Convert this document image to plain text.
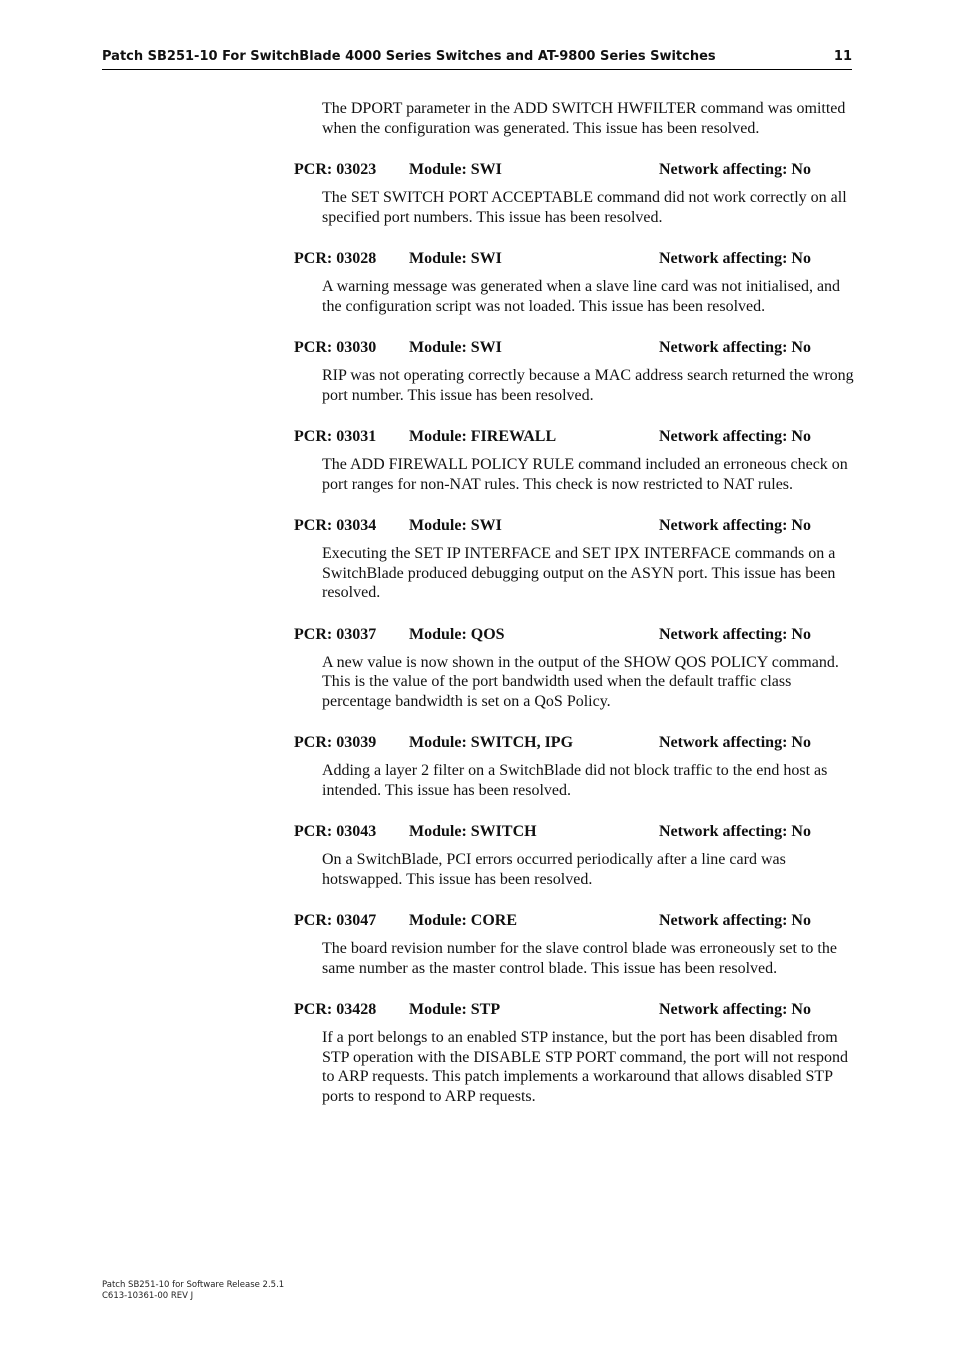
Patch SB251-10 For SwitchBlade 4000 Series Switches and AT-9800 Series Switches	11
The DPORT parameter in the ADD SWITCH HWFILTER command was omitted when the configuration was generated. This issue has been resolved.
PCR: 03023 Module: SWI	Network affecting: No
The SET SWITCH PORT ACCEPTABLE command did not work correctly on all specified port numbers. This issue has been resolved.
PCR: 03028 Module: SWI	Network affecting: No
A warning message was generated when a slave line card was not initialised, and the configuration script was not loaded. This issue has been resolved.
PCR: 03030 Module: SWI	Network affecting: No
RIP was not operating correctly because a MAC address search returned the wrong port number. This issue has been resolved.
PCR: 03031 Module: FIREWALL	Network affecting: No
The ADD FIREWALL POLICY RULE command included an erroneous check on port ranges for non-NAT rules. This check is now restricted to NAT rules.
PCR: 03034 Module: SWI	Network affecting: No
Executing the SET IP INTERFACE and SET IPX INTERFACE commands on a SwitchBlade produced debugging output on the ASYN port. This issue has been resolved.
PCR: 03037 Module: QOS	Network affecting: No
A new value is now shown in the output of the SHOW QOS POLICY command. This is the value of the port bandwidth used when the default traffic class percentage bandwidth is set on a QoS Policy.
PCR: 03039 Module: SWITCH, IPG	Network affecting: No
Adding a layer 2 filter on a SwitchBlade did not block traffic to the end host as intended. This issue has been resolved.
PCR: 03043 Module: SWITCH	Network affecting: No
On a SwitchBlade, PCI errors occurred periodically after a line card was hotswapped. This issue has been resolved.
PCR: 03047 Module: CORE	Network affecting: No
The board revision number for the slave control blade was erroneously set to the same number as the master control blade. This issue has been resolved.
PCR: 03428 Module: STP	Network affecting: No
If a port belongs to an enabled STP instance, but the port has been disabled from STP operation with the DISABLE STP PORT command, the port will not respond to ARP requests. This patch implements a workaround that allows disabled STP ports to respond to ARP requests.
Patch SB251-10 for Software Release 2.5.1
C613-10361-00 REV J
